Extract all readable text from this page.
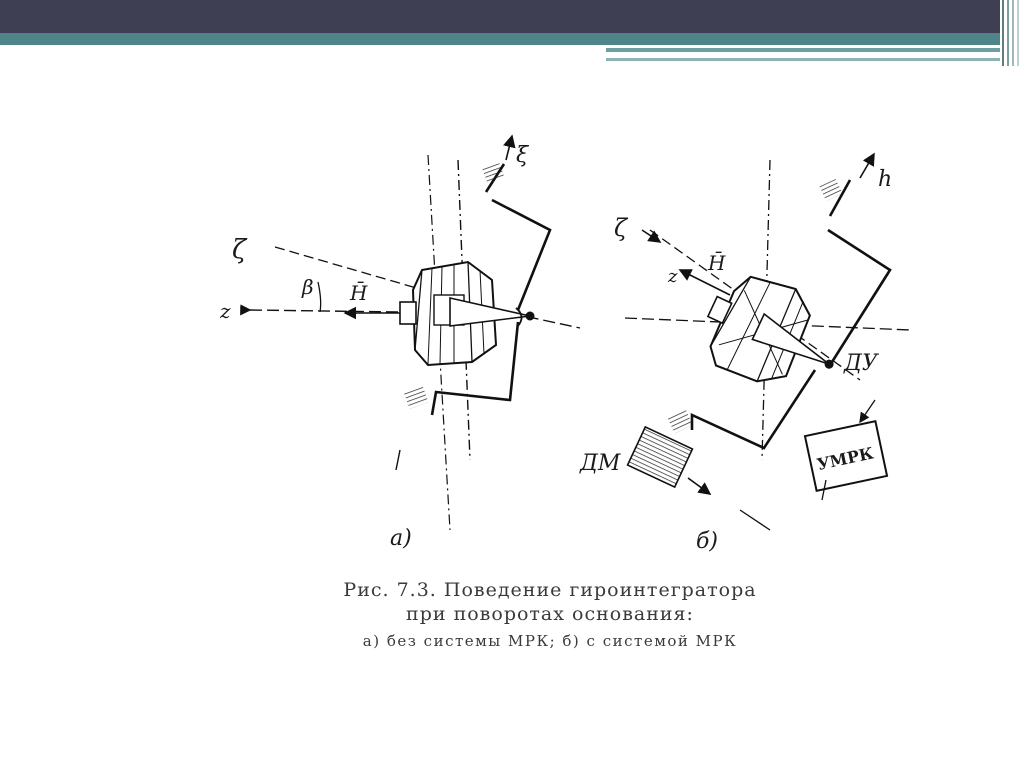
ζ
β H̄
z
ξ
а)
ζ
H̄
z
h
ДУ
ДМ	УМРК
б)
Рис. 7.3. Поведение гироинтегратора
при поворотах основания:
а) без системы МРК; б) с системой МРК
